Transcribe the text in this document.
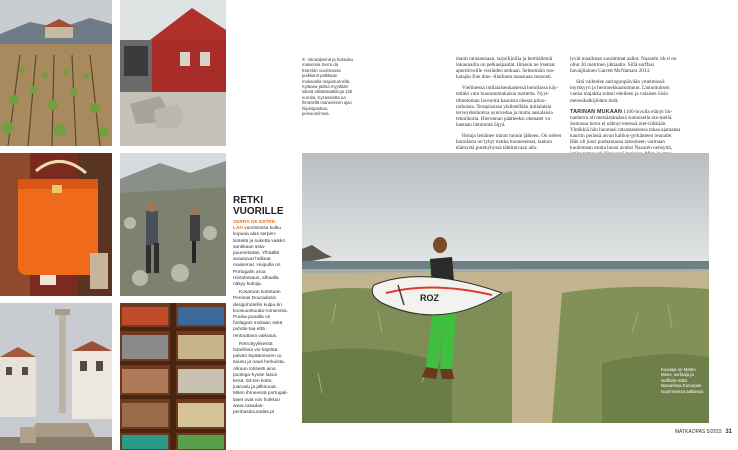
RETKI
VUORILLE

SERRA DE ESTRE-
LAN vuoristossa kulku kopuaa alas serpen-tiinteitä ja suketta vaikkö sankkaan seta-puumetsään. Ylhäällä avautuvat hulkeat maisemat. Huipulla on Portugalin aroa Hintokesaus, alhaalla näkyy kukoja.

Kosaruan luotetaan Peninas Douradasin designhotellin kulpu-tin koosuunkuutia-romanssa. Puuka-puoalla on hotlagani mukaan sekä puhdis-taa että rentouttava vaikutus.

Retroityylisessä hotellissa voi käyttää paivän lepäämiseen ui, saunu ja nauti herkuista. Alkuun totisesti aina puolega-hyvän lasun kesä. Sit-ten kotto, juaruolu ja jälkiruuat. Miten ihmeessä portugali-laset ovat niin hoikkia! www.casadas-penhasdouradas.pt

X- Vanaalpeinä ja hukeaku maisemia Serra da Estrelan vuoristossa puikkanit palkkaan mukavalla mapiotunnella. Kyläasu-jaskia myydään sitesä villakistaakikoja 125 euroita. Kyzasalotta ua ihmetellä maneeksen ajan hiipeiipaskua, peisuumihrwa.

manti rantaneoaan, tarjoilijoilla ja kettitäilemä lokaunailla on pelkasipaidat. Ilmasin ne itsemat aperitiiveille vieräiden seikaan. Seltsemäin ruo-kalajän fine dine -illallinen maustaan tennosti.

Viellinessä intilalaisenkaisessä hotollassa käy-tettäin vain huonommukaisia tuotteita. Nyyt-tilmetoman lavereitit kaunista ohesta pituo-tarhoista. Terapiosissa yhdistellään intilalaista terveydenhoitoa ayurvedaa ja mutta aasialaisia tekniikoita. Hieronnan päätteeksi ohenatet va-haetaan lämmintä öljyä.

Hotaja lentänee minut tunnin jälkeen. On neleet hotoilasta on lyhyt matka huonesenset, laukun elämystä purekyhyssä tähtitaivaan alla.

lyvät maailman suurimmat aallot. Nazarén rik-ti on ollut 30 metrinen jättiaalto. Sillä surffasi havaijilainen Garrett McNamara 2013.

Sitä vaihtelee auringonpäivään ymelmossä myrskyyn ja hermoekkaanumuun. Linnoituksen vanha majakka toimii edelleen ja valaisee öisin meresikalkijöiden tietä.

TARINAN MUKAAN 1100-luvulla elänyt lin-nanherra oli metsästämässä sumuisella nie-mellä. Sumussa herra ei nähnyt eteensä niet-riikkään. Yhtäkkiä hän huomasi ratsastaneensa takaa ajamansa kauriin perässä aivan kallion-jyrkänteen reunalle. Hän oli juuri pudoamassa ratsuineen varmaan kuolemaan mutta huusi avuksi Nazarén neitsyttä,

ROZ
Kuvaaja on Martin Mees, surfaaja ja surffaria-näkö Nazaréssa Euroopan suurimmissa aalloissa.
MATKAOPAS 5/2015 31
